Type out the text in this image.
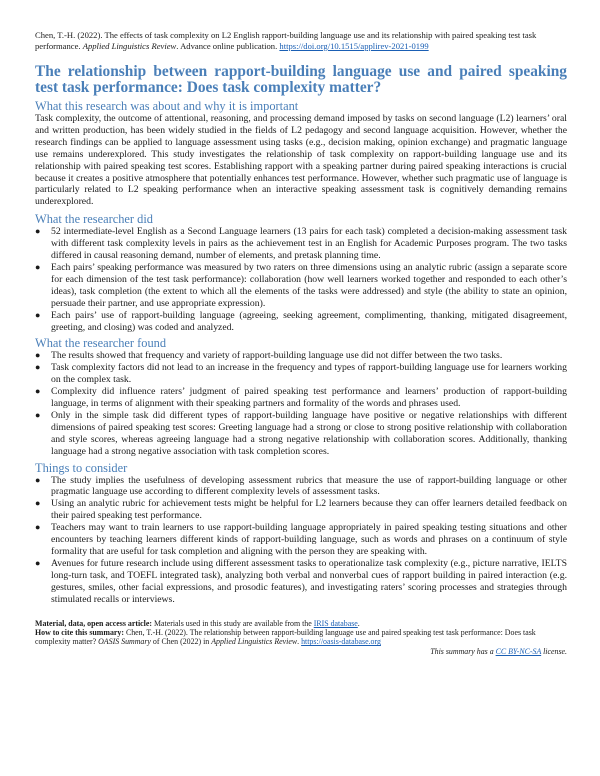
Chen, T.-H. (2022). The effects of task complexity on L2 English rapport-building language use and its relationship with paired speaking test task performance. Applied Linguistics Review. Advance online publication. https://doi.org/10.1515/applirev-2021-0199

The relationship between rapport-building language use and paired speaking test task performance: Does task complexity matter?
What this research was about and why it is important

Task complexity, the outcome of attentional, reasoning, and processing demand imposed by tasks on second language (L2) learners’ oral and written production, has been widely studied in the fields of L2 pedagogy and second language acquisition. However, whether the research findings can be applied to language assessment using tasks (e.g., decision making, opinion exchange) and pragmatic language use remains underexplored. This study investigates the relationship of task complexity on rapport-building language use and its relationship with paired speaking test scores. Establishing rapport with a speaking partner during paired speaking interactions is crucial because it creates a positive atmosphere that potentially enhances test performance. However, whether such pragmatic use of language is particularly related to L2 speaking performance when an interactive speaking assessment task is cognitively demanding remains underexplored.

What the researcher did
● 52 intermediate-level English as a Second Language learners (13 pairs for each task) completed a decision-making assessment task with different task complexity levels in pairs as the achievement test in an English for Academic Purposes program. The two tasks differed in causal reasoning demand, number of elements, and pretask planning time.
● Each pairs’ speaking performance was measured by two raters on three dimensions using an analytic rubric (assign a separate score for each dimension of the test task performance): collaboration (how well learners worked together and responded to each other’s ideas), task completion (the extent to which all the elements of the tasks were addressed) and style (the ability to state an opinion, persuade their partner, and use appropriate expression).
● Each pairs’ use of rapport-building language (agreeing, seeking agreement, complimenting, thanking, mitigated disagreement, greeting, and closing) was coded and analyzed.
What the researcher found
● The results showed that frequency and variety of rapport-building language use did not differ between the two tasks.
● Task complexity factors did not lead to an increase in the frequency and types of rapport-building language use for learners working on the complex task.
● Complexity did influence raters’ judgment of paired speaking test performance and learners’ production of rapport-building language, in terms of alignment with their speaking partners and formality of the words and phrases used.
● Only in the simple task did different types of rapport-building language have positive or negative relationships with different dimensions of paired speaking test scores: Greeting language had a strong or close to strong positive relationship with collaboration and style scores, whereas agreeing language had a strong negative relationship with collaboration scores. Additionally, thanking language had a strong negative association with task completion scores.
Things to consider
● The study implies the usefulness of developing assessment rubrics that measure the use of rapport-building language or other pragmatic language use according to different complexity levels of assessment tasks.
● Using an analytic rubric for achievement tests might be helpful for L2 learners because they can offer learners detailed feedback on their paired speaking test performance.
● Teachers may want to train learners to use rapport-building language appropriately in paired speaking testing situations and other encounters by teaching learners different kinds of rapport-building language, such as words and phrases on a continuum of style formality that are useful for task completion and aligning with the person they are speaking with.
● Avenues for future research include using different assessment tasks to operationalize task complexity (e.g., picture narrative, IELTS long-turn task, and TOEFL integrated task), analyzing both verbal and nonverbal cues of rapport building in paired interaction (e.g. gestures, smiles, other facial expressions, and prosodic features), and investigating raters’ scoring processes and strategies through stimulated recalls or interviews.
Material, data, open access article: Materials used in this study are available from the IRIS database.
How to cite this summary: Chen, T.-H. (2022). The relationship between rapport-building language use and paired speaking test task performance: Does task complexity matter? OASIS Summary of Chen (2022) in Applied Linguistics Review. https://oasis-database.org
This summary has a CC BY-NC-SA license.
